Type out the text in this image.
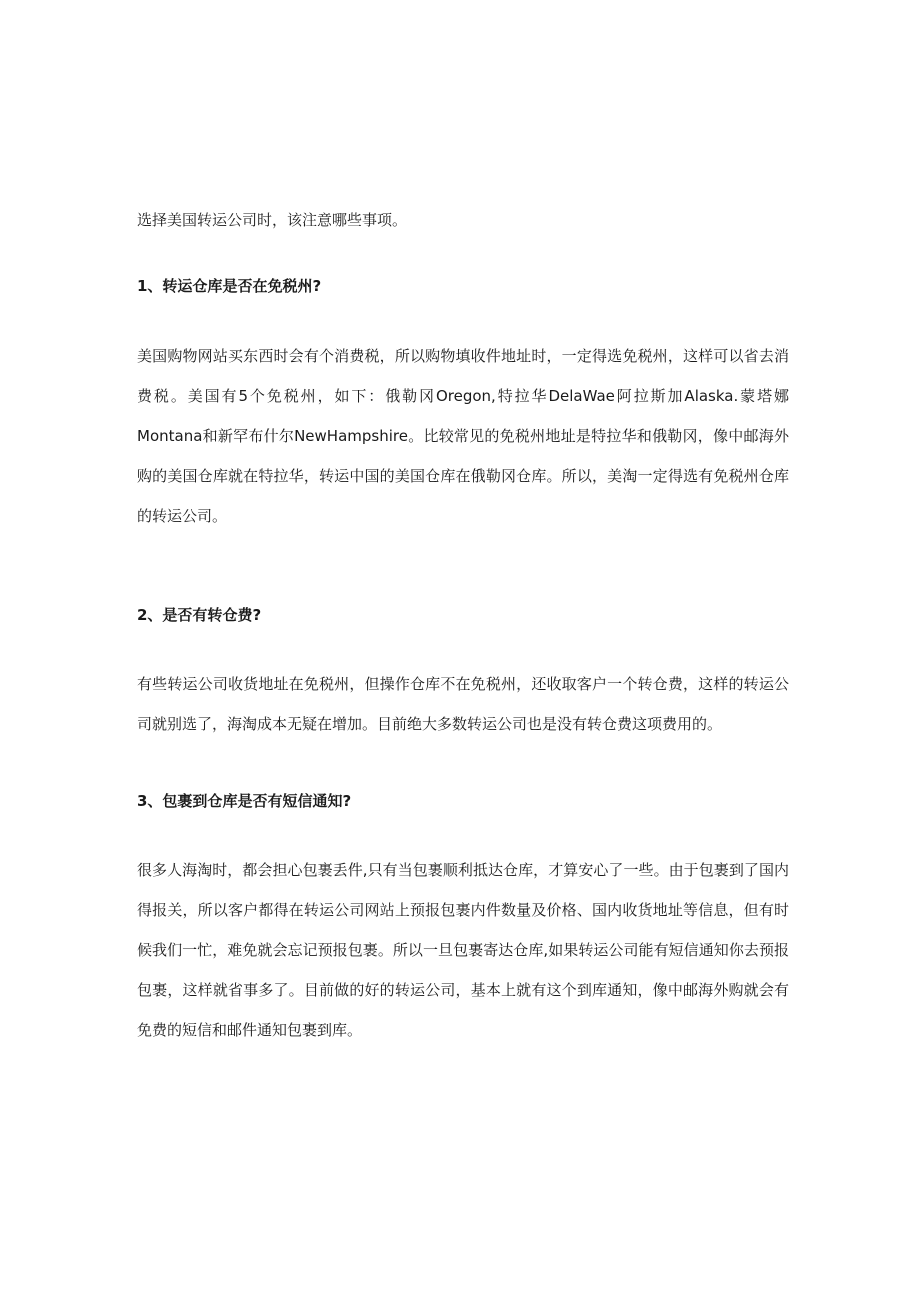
选择美国转运公司时，该注意哪些事项。

1、转运仓库是否在免税州?

美国购物网站买东西时会有个消费税，所以购物填收件地址时，一定得选免税州，这样可以省去消费税。美国有5个免税州，如下：俄勒冈Oregon,特拉华DelaWae阿拉斯加Alaska.蒙塔娜Montana和新罕布什尔NewHampshire。比较常见的免税州地址是特拉华和俄勒冈，像中邮海外购的美国仓库就在特拉华，转运中国的美国仓库在俄勒冈仓库。所以，美淘一定得选有免税州仓库的转运公司。

2、是否有转仓费?

有些转运公司收货地址在免税州，但操作仓库不在免税州，还收取客户一个转仓费，这样的转运公司就别选了，海淘成本无疑在增加。目前绝大多数转运公司也是没有转仓费这项费用的。

3、包裹到仓库是否有短信通知?

很多人海淘时，都会担心包裹丢件,只有当包裹顺利抵达仓库，才算安心了一些。由于包裹到了国内得报关，所以客户都得在转运公司网站上预报包裹内件数量及价格、国内收货地址等信息，但有时候我们一忙，难免就会忘记预报包裹。所以一旦包裹寄达仓库,如果转运公司能有短信通知你去预报包裹，这样就省事多了。目前做的好的转运公司，基本上就有这个到库通知，像中邮海外购就会有免费的短信和邮件通知包裹到库。
